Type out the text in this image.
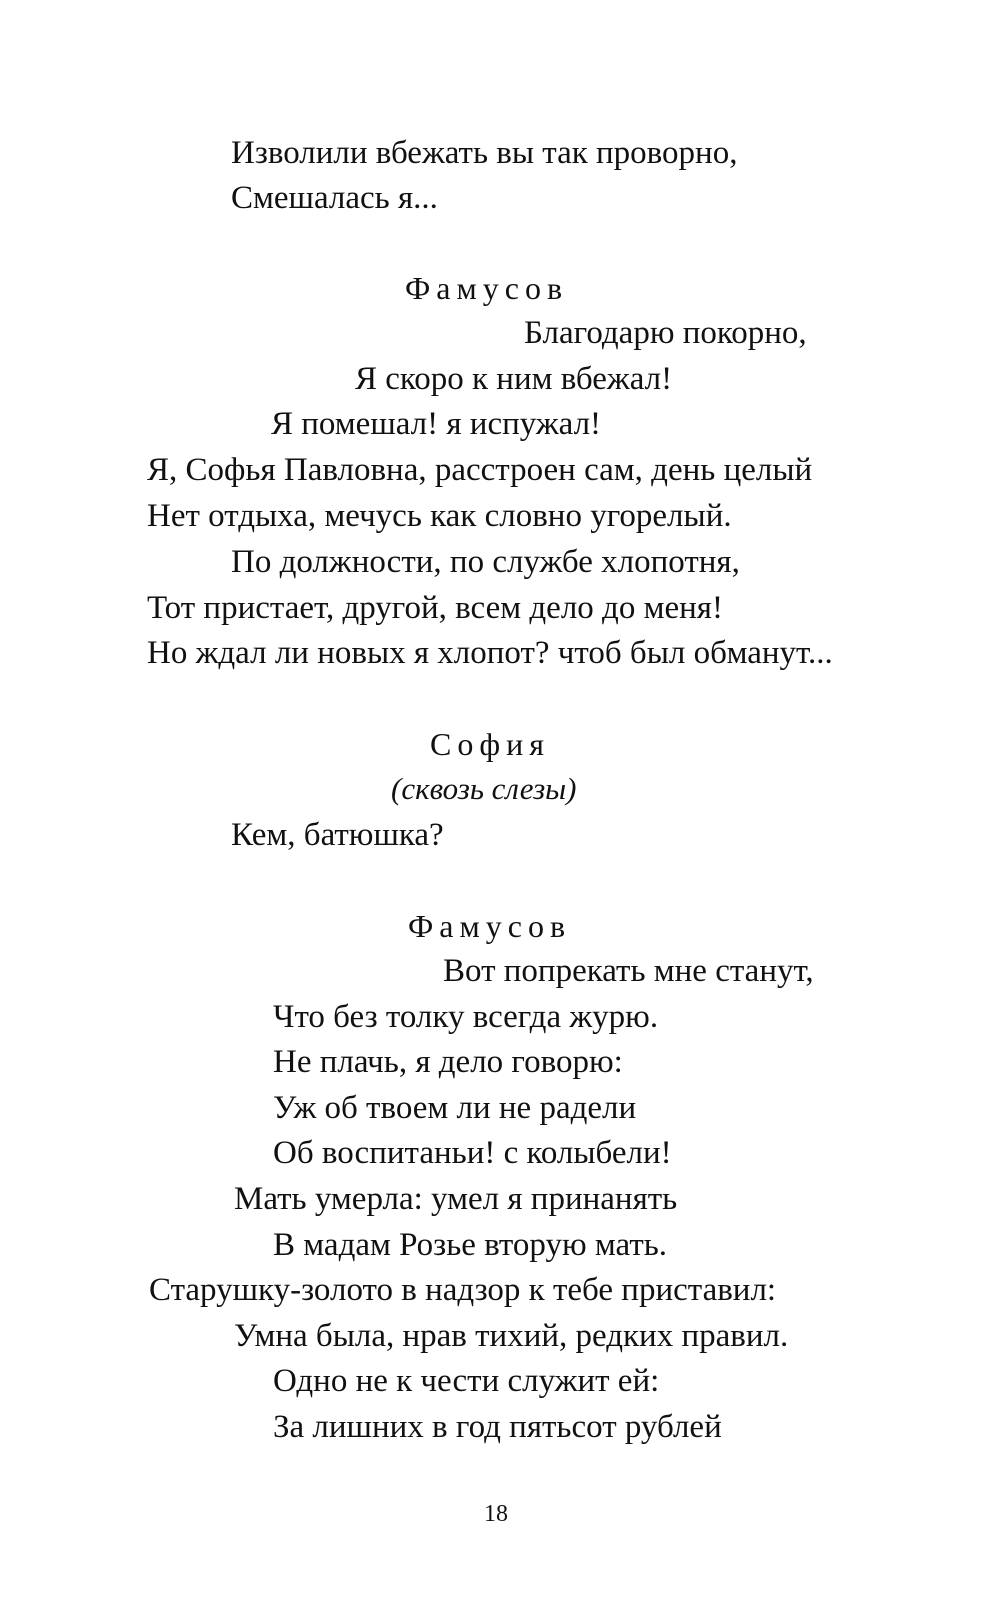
Изволили вбежать вы так проворно,
Смешалась я...
Фамусов
Благодарю покорно,
Я скоро к ним вбежал!
Я помешал! я испужал!
Я, Софья Павловна, расстроен сам, день целый
Нет отдыха, мечусь как словно угорелый.
По должности, по службе хлопотня,
Тот пристает, другой, всем дело до меня!
Но ждал ли новых я хлопот? чтоб был обманут...
София
(сквозь слезы)
Кем, батюшка?
Фамусов
Вот попрекать мне станут,
Что без толку всегда журю.
Не плачь, я дело говорю:
Уж об твоем ли не радели
Об воспитаньи! с колыбели!
Мать умерла: умел я принанять
В мадам Розье вторую мать.
Старушку-золото в надзор к тебе приставил:
Умна была, нрав тихий, редких правил.
Одно не к чести служит ей:
За лишних в год пятьсот рублей
18
